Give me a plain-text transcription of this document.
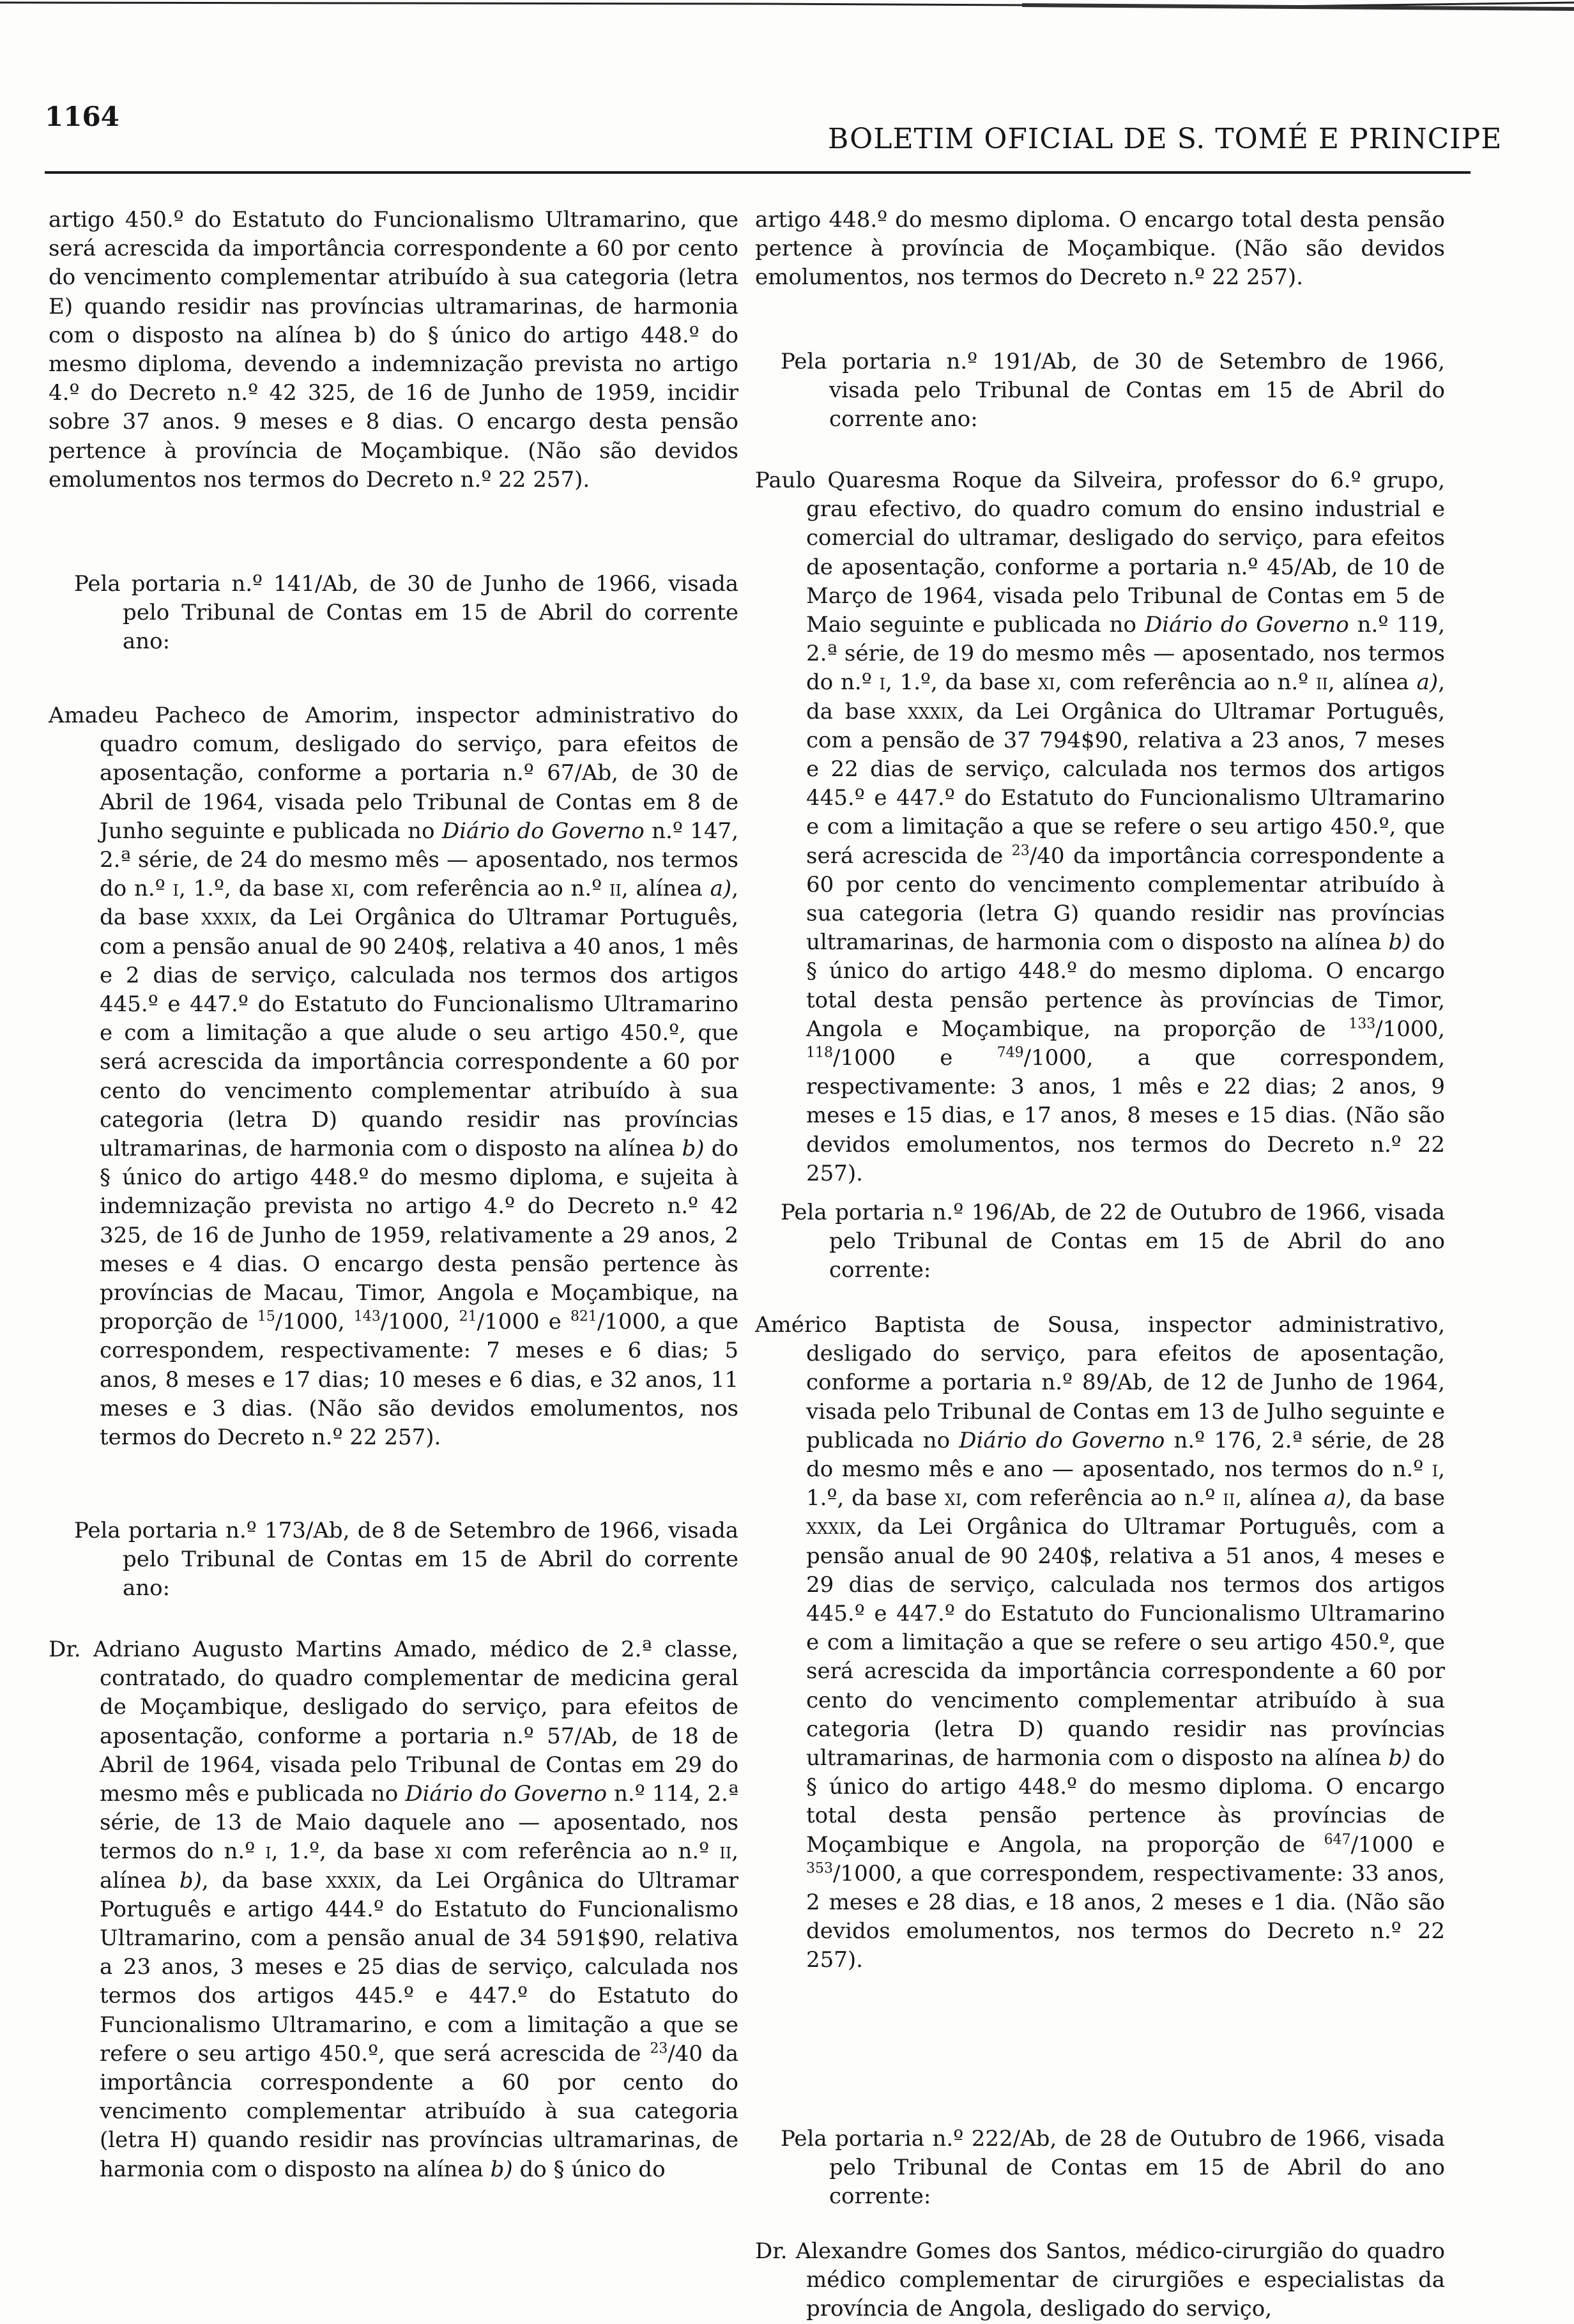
1164
BOLETIM OFICIAL DE S. TOMÉ E PRINCIPE

artigo 450.º do Estatuto do Funcionalismo Ultramarino, que será acrescida da importância correspondente a 60 por cento do vencimento complementar atribuído à sua categoria (letra E) quando residir nas províncias ultramarinas, de harmonia com o disposto na alínea b) do § único do artigo 448.º do mesmo diploma, devendo a indemnização prevista no artigo 4.º do Decreto n.º 42 325, de 16 de Junho de 1959, incidir sobre 37 anos. 9 meses e 8 dias. O encargo desta pensão pertence à província de Moçambique. (Não são devidos emolumentos nos termos do Decreto n.º 22 257).

Pela portaria n.º 141/Ab, de 30 de Junho de 1966, visada pelo Tribunal de Contas em 15 de Abril do corrente ano:

Amadeu Pacheco de Amorim, inspector administrativo do quadro comum, desligado do serviço, para efeitos de aposentação, conforme a portaria n.º 67/Ab, de 30 de Abril de 1964, visada pelo Tribunal de Contas em 8 de Junho seguinte e publicada no Diário do Governo n.º 147, 2.ª série, de 24 do mesmo mês — aposentado, nos termos do n.º i, 1.º, da base xi, com referência ao n.º ii, alínea a), da base xxxix, da Lei Orgânica do Ultramar Português, com a pensão anual de 90 240$, relativa a 40 anos, 1 mês e 2 dias de serviço, calculada nos termos dos artigos 445.º e 447.º do Estatuto do Funcionalismo Ultramarino e com a limitação a que alude o seu artigo 450.º, que será acrescida da importância correspondente a 60 por cento do vencimento complementar atribuído à sua categoria (letra D) quando residir nas províncias ultramarinas, de harmonia com o disposto na alínea b) do § único do artigo 448.º do mesmo diploma, e sujeita à indemnização prevista no artigo 4.º do Decreto n.º 42 325, de 16 de Junho de 1959, relativamente a 29 anos, 2 meses e 4 dias. O encargo desta pensão pertence às províncias de Macau, Timor, Angola e Moçambique, na proporção de $^{15}$/1000, $^{143}$/1000, $^{21}$/1000 e $^{821}$/1000, a que correspondem, respectivamente: 7 meses e 6 dias; 5 anos, 8 meses e 17 dias; 10 meses e 6 dias, e 32 anos, 11 meses e 3 dias. (Não são devidos emolumentos, nos termos do Decreto n.º 22 257).

Pela portaria n.º 173/Ab, de 8 de Setembro de 1966, visada pelo Tribunal de Contas em 15 de Abril do corrente ano:

Dr. Adriano Augusto Martins Amado, médico de 2.ª classe, contratado, do quadro complementar de medicina geral de Moçambique, desligado do serviço, para efeitos de aposentação, conforme a portaria n.º 57/Ab, de 18 de Abril de 1964, visada pelo Tribunal de Contas em 29 do mesmo mês e publicada no Diário do Governo n.º 114, 2.ª série, de 13 de Maio daquele ano — aposentado, nos termos do n.º i, 1.º, da base xi com referência ao n.º ii, alínea b), da base xxxix, da Lei Orgânica do Ultramar Português e artigo 444.º do Estatuto do Funcionalismo Ultramarino, com a pensão anual de 34 591$90, relativa a 23 anos, 3 meses e 25 dias de serviço, calculada nos termos dos artigos 445.º e 447.º do Estatuto do Funcionalismo Ultramarino, e com a limitação a que se refere o seu artigo 450.º, que será acrescida de $^{23}$/40 da importância correspondente a 60 por cento do vencimento complementar atribuído à sua categoria (letra H) quando residir nas províncias ultramarinas, de harmonia com o disposto na alínea b) do § único do

artigo 448.º do mesmo diploma. O encargo total desta pensão pertence à província de Moçambique. (Não são devidos emolumentos, nos termos do Decreto n.º 22 257).

Pela portaria n.º 191/Ab, de 30 de Setembro de 1966, visada pelo Tribunal de Contas em 15 de Abril do corrente ano:

Paulo Quaresma Roque da Silveira, professor do 6.º grupo, grau efectivo, do quadro comum do ensino industrial e comercial do ultramar, desligado do serviço, para efeitos de aposentação, conforme a portaria n.º 45/Ab, de 10 de Março de 1964, visada pelo Tribunal de Contas em 5 de Maio seguinte e publicada no Diário do Governo n.º 119, 2.ª série, de 19 do mesmo mês — aposentado, nos termos do n.º i, 1.º, da base xi, com referência ao n.º ii, alínea a), da base xxxix, da Lei Orgânica do Ultramar Português, com a pensão de 37 794$90, relativa a 23 anos, 7 meses e 22 dias de serviço, calculada nos termos dos artigos 445.º e 447.º do Estatuto do Funcionalismo Ultramarino e com a limitação a que se refere o seu artigo 450.º, que será acrescida de $^{23}$/40 da importância correspondente a 60 por cento do vencimento complementar atribuído à sua categoria (letra G) quando residir nas províncias ultramarinas, de harmonia com o disposto na alínea b) do § único do artigo 448.º do mesmo diploma. O encargo total desta pensão pertence às províncias de Timor, Angola e Moçambique, na proporção de $^{133}$/1000, $^{118}$/1000 e $^{749}$/1000, a que correspondem, respectivamente: 3 anos, 1 mês e 22 dias; 2 anos, 9 meses e 15 dias, e 17 anos, 8 meses e 15 dias. (Não são devidos emolumentos, nos termos do Decreto n.º 22 257).

Pela portaria n.º 196/Ab, de 22 de Outubro de 1966, visada pelo Tribunal de Contas em 15 de Abril do ano corrente:

Américo Baptista de Sousa, inspector administrativo, desligado do serviço, para efeitos de aposentação, conforme a portaria n.º 89/Ab, de 12 de Junho de 1964, visada pelo Tribunal de Contas em 13 de Julho seguinte e publicada no Diário do Governo n.º 176, 2.ª série, de 28 do mesmo mês e ano — aposentado, nos termos do n.º i, 1.º, da base xi, com referência ao n.º ii, alínea a), da base xxxix, da Lei Orgânica do Ultramar Português, com a pensão anual de 90 240$, relativa a 51 anos, 4 meses e 29 dias de serviço, calculada nos termos dos artigos 445.º e 447.º do Estatuto do Funcionalismo Ultramarino e com a limitação a que se refere o seu artigo 450.º, que será acrescida da importância correspondente a 60 por cento do vencimento complementar atribuído à sua categoria (letra D) quando residir nas províncias ultramarinas, de harmonia com o disposto na alínea b) do § único do artigo 448.º do mesmo diploma. O encargo total desta pensão pertence às províncias de Moçambique e Angola, na proporção de $^{647}$/1000 e $^{353}$/1000, a que correspondem, respectivamente: 33 anos, 2 meses e 28 dias, e 18 anos, 2 meses e 1 dia. (Não são devidos emolumentos, nos termos do Decreto n.º 22 257).

Pela portaria n.º 222/Ab, de 28 de Outubro de 1966, visada pelo Tribunal de Contas em 15 de Abril do ano corrente:

Dr. Alexandre Gomes dos Santos, médico-cirurgião do quadro médico complementar de cirurgiões e especialistas da província de Angola, desligado do serviço,
